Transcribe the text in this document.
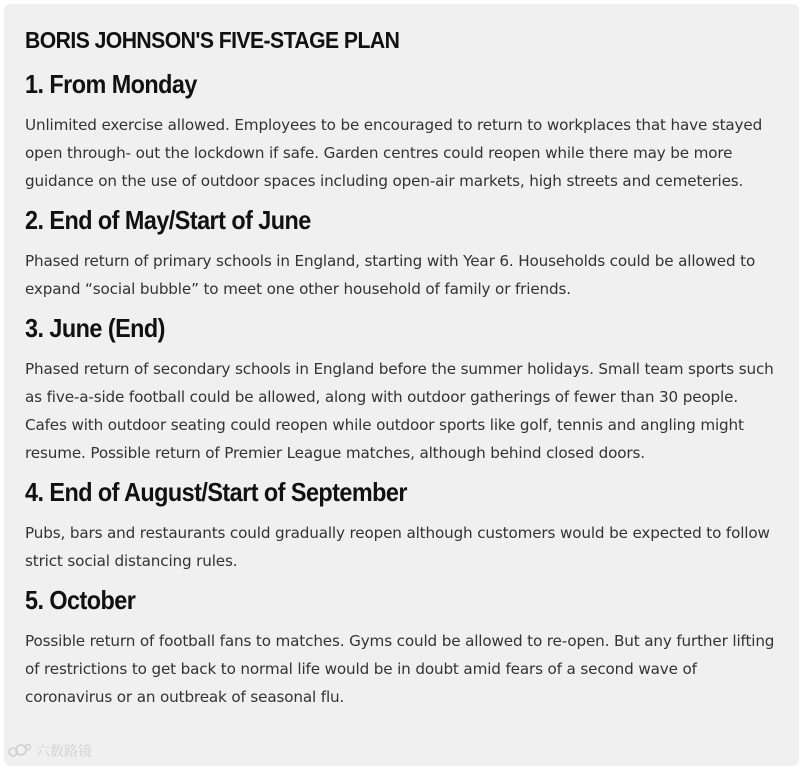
BORIS JOHNSON'S FIVE-STAGE PLAN
1. From Monday

Unlimited exercise allowed. Employees to be encouraged to return to workplaces that have stayed open through- out the lockdown if safe. Garden centres could reopen while there may be more guidance on the use of outdoor spaces including open-air markets, high streets and cemeteries.

2. End of May/Start of June

Phased return of primary schools in England, starting with Year 6. Households could be allowed to expand “social bubble” to meet one other household of family or friends.

3. June (End)

Phased return of secondary schools in England before the summer holidays. Small team sports such as five-a-side football could be allowed, along with outdoor gatherings of fewer than 30 people. Cafes with outdoor seating could reopen while outdoor sports like golf, tennis and angling might resume. Possible return of Premier League matches, although behind closed doors.

4. End of August/Start of September

Pubs, bars and restaurants could gradually reopen although customers would be expected to follow strict social distancing rules.

5. October

Possible return of football fans to matches. Gyms could be allowed to re-open. But any further lifting of restrictions to get back to normal life would be in doubt amid fears of a second wave of coronavirus or an outbreak of seasonal flu.

六数路镜
